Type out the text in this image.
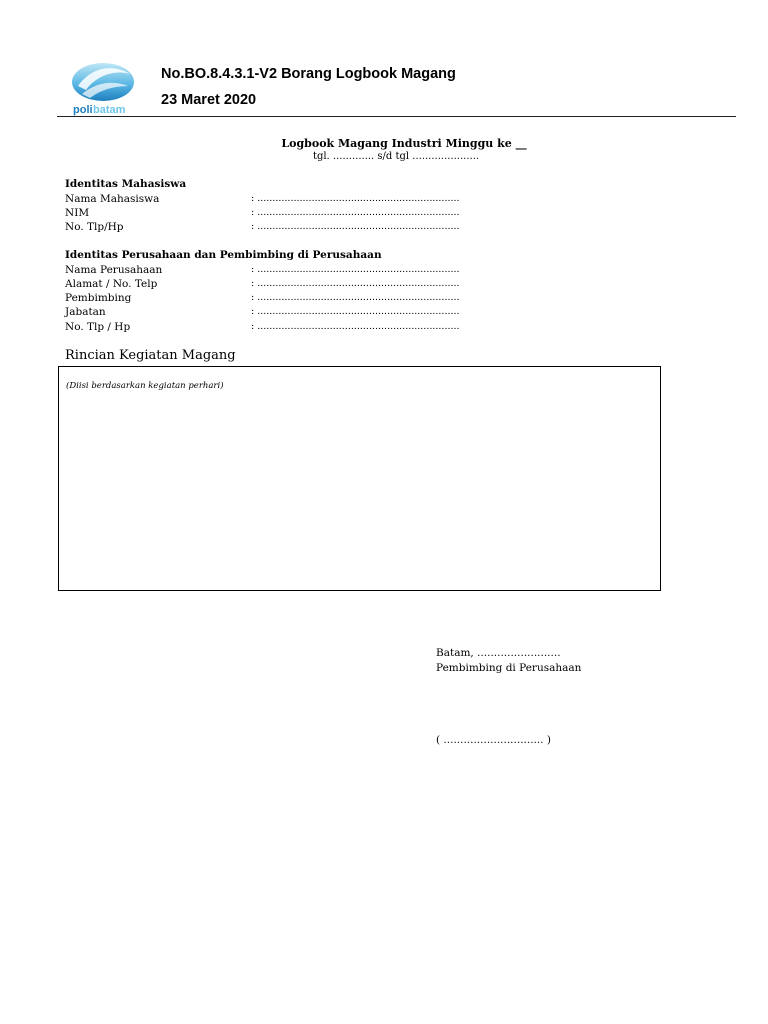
poli batam
No.BO.8.4.3.1-V2 Borang Logbook Magang
23 Maret 2020
Logbook Magang Industri Minggu ke __
tgl. ............. s/d tgl .....................
Identitas Mahasiswa
Nama Mahasiswa	: ...................................................................
NIM	: ...................................................................
No. Tlp/Hp	: ...................................................................
Identitas Perusahaan dan Pembimbing di Perusahaan
Nama Perusahaan	: ...................................................................
Alamat / No. Telp	: ...................................................................
Pembimbing	: ...................................................................
Jabatan	: ...................................................................
No. Tlp / Hp	: ...................................................................
Rincian Kegiatan Magang
(Diisi berdasarkan kegiatan perhari)
Batam, .........................
Pembimbing di Perusahaan
( .............................. )
